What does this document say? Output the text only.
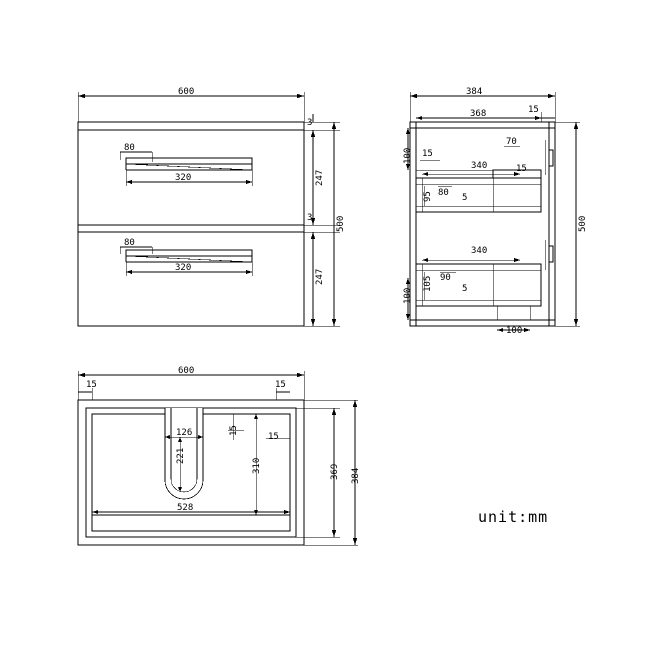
600
3
247
3	500
247
80
320
80
320
384
15
368
70
100 15
340	15
95 80 5
500
340
105 90
5
100
100
600
15	15
126	15
15
221
310	369 384
528	unit:mm
